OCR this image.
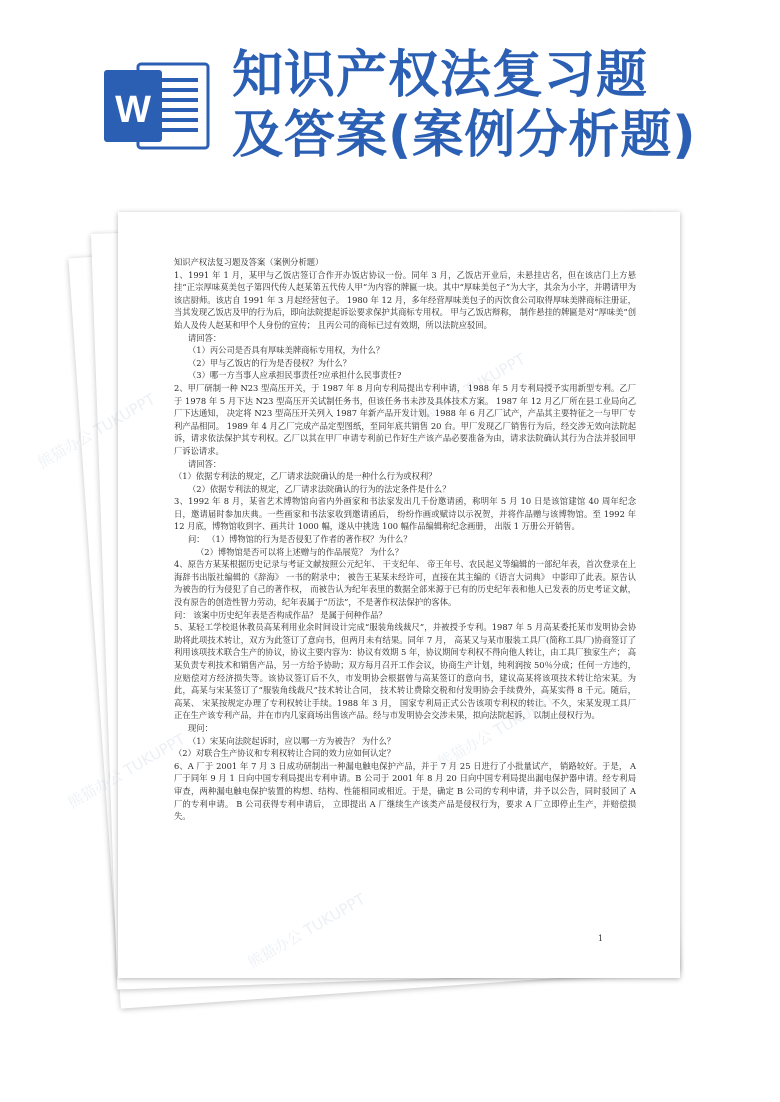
W
知识产权法复习题
及答案(案例分析题)

知识产权法复习题及答案（案例分析题）

1、1991 年 1 月，某甲与乙饭店签订合作开办饭店协议一份。同年 3 月，乙饭店开业后，未悬挂店名，但在该店门上方悬挂“正宗厚味莫美包子第四代传人赵某第五代传人甲”为内容的牌匾一块。其中“厚味美包子”为大字，其余为小字，并聘请甲为该店厨师。该店自 1991 年 3 月起经营包子。 1980 年 12 月，多年经营厚味美包子的丙饮食公司取得厚味美牌商标注册证，当其发现乙饭店及甲的行为后，即向法院提起诉讼要求保护其商标专用权。 甲与乙饭店辩称， 制作悬挂的牌匾是对“厚味美”创始人及传人赵某和甲个人身份的宣传； 且丙公司的商标已过有效期，所以法院应驳回。

请回答：

（1）丙公司是否具有厚味美牌商标专用权，为什么？

（2）甲与乙饭店的行为是否侵权？为什么？

（3）哪一方当事人应承担民事责任?应承担什么民事责任?

2、甲厂研制一种 N23 型高压开关，于 1987 年 8 月向专利局提出专利申请， 1988 年 5 月专利局授予实用新型专利。乙厂于 1978 年 5 月下达 N23 型高压开关试制任务书，但该任务书未涉及具体技术方案。 1987 年 12 月乙厂所在县工业局向乙厂下达通知， 决定将 N23 型高压开关列入 1987 年新产品开发计划。1988 年 6 月乙厂试产，产品其主要特征之一与甲厂专利产品相同。 1989 年 4 月乙厂完成产品定型图纸，至同年底共销售 20 台。甲厂发现乙厂销售行为后，经交涉无效向法院起诉，请求依法保护其专利权。乙厂以其在甲厂申请专利前已作好生产该产品必要准备为由，请求法院确认其行为合法并驳回甲厂诉讼请求。

请回答：

（1）依据专利法的规定，乙厂请求法院确认的是一种什么行为或权利？

（2）依据专利法的规定，乙厂请求法院确认的行为的法定条件是什么？

3、1992 年 8 月，某省艺术博物馆向省内外画家和书法家发出几千份邀请函，称明年 5 月 10 日是该馆建馆 40 周年纪念日，邀请届时参加庆典。一些画家和书法家收到邀请函后， 纷纷作画或赋诗以示祝贺，并将作品赠与该博物馆。至 1992 年 12 月底，博物馆收到字、画共计 1000 幅，遂从中挑选 100 幅作品编辑称纪念画册， 出版 1 万册公开销售。

问： （1）博物馆的行为是否侵犯了作者的著作权？为什么？

（2）博物馆是否可以将上述赠与的作品展览？ 为什么？

4、原告方某某根据历史记录与考证文献按照公元纪年、 干支纪年、 帝王年号、农民起义等编辑的一部纪年表，首次登录在上海辞书出版社编辑的《辞海》 一书的附录中； 被告王某某未经许可，直接在其主编的《语言大词典》 中影印了此表。原告认为被告的行为侵犯了自己的著作权， 而被告认为纪年表里的数据全部来源于已有的历史纪年表和他人已发表的历史考证文献，没有原告的创造性智力劳动，纪年表属于“历法”，不是著作权法保护的客体。

问： 该案中历史纪年表是否构成作品？ 是属于何种作品？

5、某轻工学校退休教员高某利用业余时间设计完成“服装角线裁尺”，并被授予专利。1987 年 5 月高某委托某市发明协会协助将此项技术转让，双方为此签订了意向书，但两月未有结果。同年 7 月， 高某又与某市服装工具厂(简称工具厂)协商签订了利用该项技术联合生产的协议，协议主要内容为：协议有效期 5 年，协议期间专利权不得向他人转让，由工具厂独家生产； 高某负责专利技术和销售产品，另一方给予协助；双方每月召开工作会议，协商生产计划，纯利润按 50％分成；任何一方违约，应赔偿对方经济损失等。该协议签订后不久，市发明协会根据曾与高某签订的意向书，建议高某将该项技术转让给宋某。为此，高某与宋某签订了“服装角线裁尺”技术转让合同， 技术转让费除交税和付发明协会手续费外，高某实得 8 千元。随后， 高某、 宋某按规定办理了专利权转让手续。1988 年 3 月， 国家专利局正式公告该项专利权的转让。不久，宋某发现工具厂正在生产该专利产品，并在市内几家商场出售该产品。经与市发明协会交涉未果，拟向法院起诉， 以制止侵权行为。

现问：

（1）宋某向法院起诉时，应以哪一方为被告？ 为什么？

（2）对联合生产协议和专利权转让合同的效力应如何认定？

6、A 厂于 2001 年 7 月 3 日成功研制出一种漏电触电保护产品，并于 7 月 25 日进行了小批量试产， 销路较好。于是， A 厂于同年 9 月 1 日向中国专利局提出专利申请。B 公司于 2001 年 8 月 20 日向中国专利局提出漏电保护器申请。经专利局审查，两种漏电触电保护装置的构想、结构、性能相同或相近。于是，确定 B 公司的专利申请，并予以公告，同时驳回了 A 厂的专利申请。 B 公司获得专利申请后， 立即提出 A 厂继续生产该类产品是侵权行为，要求 A 厂立即停止生产，并赔偿损失。

1
熊猫办公
熊猫办公
